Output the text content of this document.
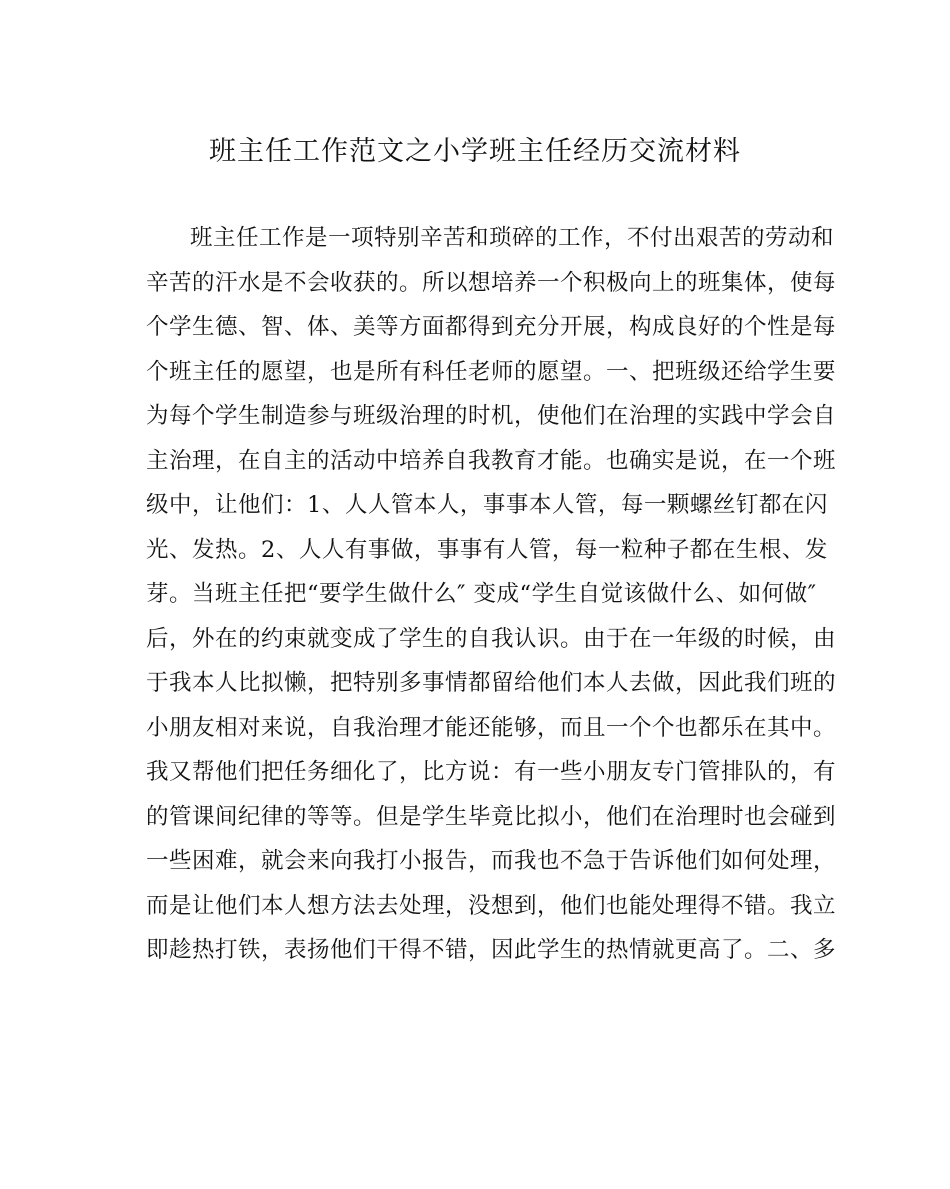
班主任工作范文之小学班主任经历交流材料
班主任工作是一项特别辛苦和琐碎的工作，不付出艰苦的劳动和
辛苦的汗水是不会收获的。所以想培养一个积极向上的班集体，使每
个学生德、智、体、美等方面都得到充分开展，构成良好的个性是每
个班主任的愿望，也是所有科任老师的愿望。一、把班级还给学生要
为每个学生制造参与班级治理的时机，使他们在治理的实践中学会自
主治理，在自主的活动中培养自我教育才能。也确实是说，在一个班
级中，让他们：1、人人管本人，事事本人管，每一颗螺丝钉都在闪
光、发热。2、人人有事做，事事有人管，每一粒种子都在生根、发
芽。当班主任把“要学生做什么″ 变成“学生自觉该做什么、如何做″
后，外在的约束就变成了学生的自我认识。由于在一年级的时候，由
于我本人比拟懒，把特别多事情都留给他们本人去做，因此我们班的
小朋友相对来说，自我治理才能还能够，而且一个个也都乐在其中。
我又帮他们把任务细化了，比方说：有一些小朋友专门管排队的，有
的管课间纪律的等等。但是学生毕竟比拟小，他们在治理时也会碰到
一些困难，就会来向我打小报告，而我也不急于告诉他们如何处理，
而是让他们本人想方法去处理，没想到，他们也能处理得不错。我立
即趁热打铁，表扬他们干得不错，因此学生的热情就更高了。二、多
